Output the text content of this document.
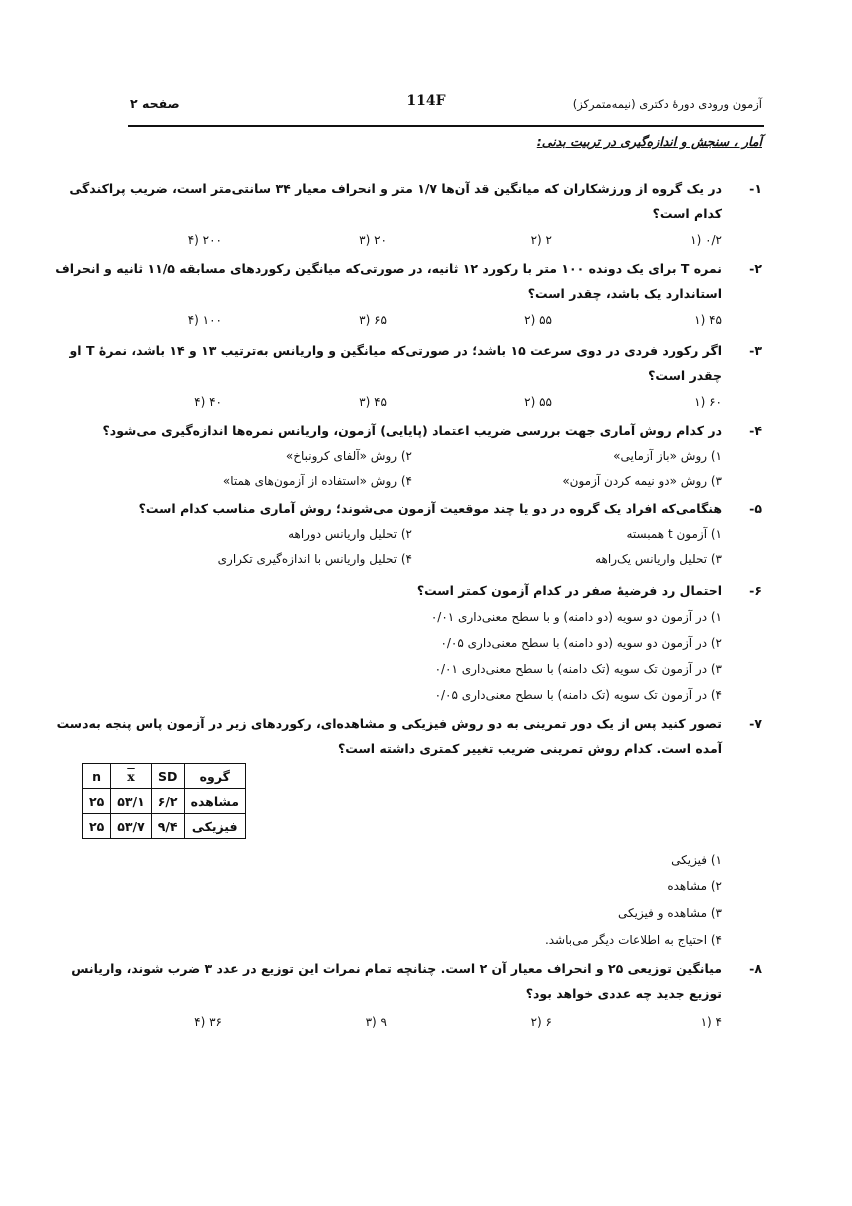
آزمون ورودی دورهٔ دکتری (نیمه‌متمرکز)
114F
صفحه ۲
آمار ، سنجش و اندازه‌گیری در تربیت بدنی:
۱-
در یک گروه از ورزشکاران که میانگین قد آن‌ها ۱/۷ متر و انحراف معیار ۳۴ سانتی‌متر است، ضریب پراکندگی
کدام است؟
۰/۲ (۱
۲ (۲
۲۰ (۳
۲۰۰ (۴
۲-
نمره T برای یک دونده ۱۰۰ متر با رکورد ۱۲ ثانیه، در صورتی‌که میانگین رکوردهای مسابقه ۱۱/۵ ثانیه و انحراف
استاندارد یک باشد، چقدر است؟
۴۵ (۱
۵۵ (۲
۶۵ (۳
۱۰۰ (۴
۳-
اگر رکورد فردی در دوی سرعت ۱۵ باشد؛ در صورتی‌که میانگین و واریانس به‌ترتیب ۱۳ و ۱۴ باشد، نمرهٔ T او
چقدر است؟
۶۰ (۱
۵۵ (۲
۴۵ (۳
۴۰ (۴
۴-
در کدام روش آماری جهت بررسی ضریب اعتماد (پایایی) آزمون، واریانس نمره‌ها اندازه‌گیری می‌شود؟
۱) روش «باز آزمایی»
۲) روش «آلفای کرونباخ»
۳) روش «دو نیمه کردن آزمون»
۴) روش «استفاده از آزمون‌های همتا»
۵-
هنگامی‌که افراد یک گروه در دو یا چند موقعیت آزمون می‌شوند؛ روش آماری مناسب کدام است؟
۱) آزمون t همبسته
۲) تحلیل واریانس دوراهه
۳) تحلیل واریانس یک‌راهه
۴) تحلیل واریانس با اندازه‌گیری تکراری
۶-
احتمال رد فرضیهٔ صفر در کدام آزمون کمتر است؟
۱) در آزمون دو سویه (دو دامنه) و با سطح معنی‌داری ۰/۰۱
۲) در آزمون دو سویه (دو دامنه) با سطح معنی‌داری ۰/۰۵
۳) در آزمون تک سویه (تک دامنه) با سطح معنی‌داری ۰/۰۱
۴) در آزمون تک سویه (تک دامنه) با سطح معنی‌داری ۰/۰۵
۷-
تصور کنید پس از یک دور تمرینی به دو روش فیزیکی و مشاهده‌ای، رکوردهای زیر در آزمون پاس پنجه به‌دست
آمده است. کدام روش تمرینی ضریب تغییر کمتری داشته است؟
گروه	SD	x	n
مشاهده	۶/۲	۵۳/۱	۲۵
فیزیکی	۹/۴	۵۳/۷	۲۵
۱) فیزیکی
۲) مشاهده
۳) مشاهده و فیزیکی
۴) احتیاج به اطلاعات دیگر می‌باشد.
۸-
میانگین توزیعی ۲۵ و انحراف معیار آن ۲ است. چنانچه تمام نمرات این توزیع در عدد ۳ ضرب شوند، واریانس
توزیع جدید چه عددی خواهد بود؟
۴ (۱
۶ (۲
۹ (۳
۳۶ (۴
